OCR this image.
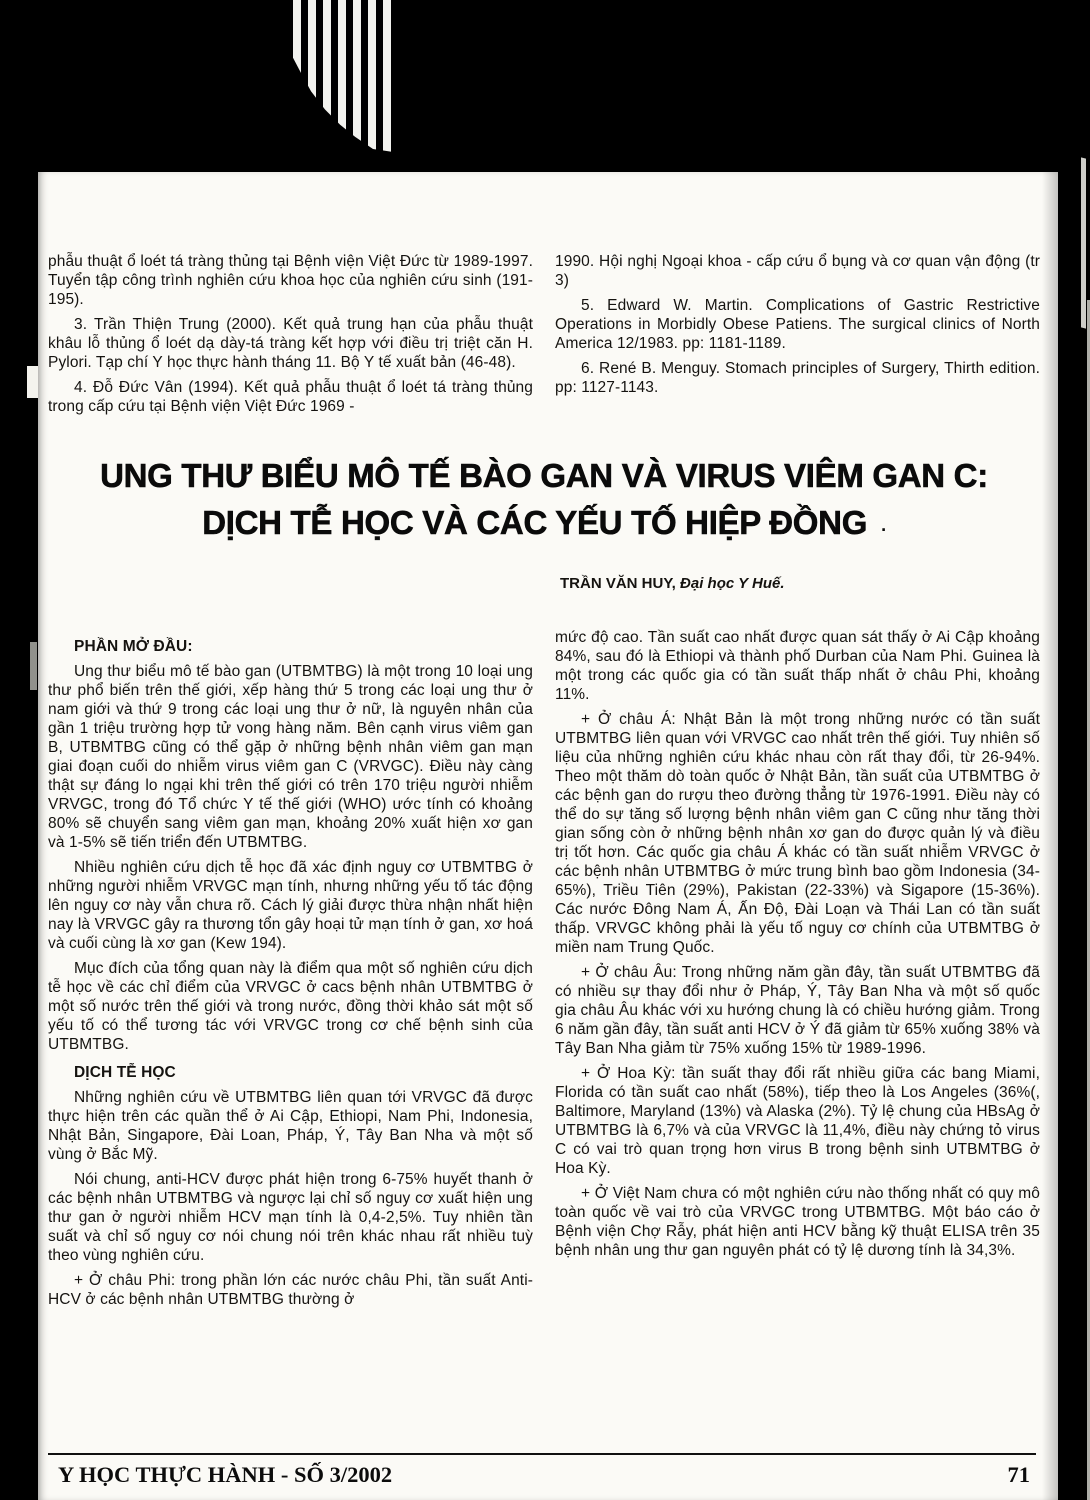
phẫu thuật ổ loét tá tràng thủng tại Bệnh viện Việt Đức từ 1989-1997. Tuyển tập công trình nghiên cứu khoa học của nghiên cứu sinh (191-195).

3. Trần Thiện Trung (2000). Kết quả trung hạn của phẫu thuật khâu lỗ thủng ổ loét dạ dày-tá tràng kết hợp với điều trị triệt căn H. Pylori. Tạp chí Y học thực hành tháng 11. Bộ Y tế xuất bản (46-48).

4. Đỗ Đức Vân (1994). Kết quả phẫu thuật ổ loét tá tràng thủng trong cấp cứu tại Bệnh viện Việt Đức 1969 -

1990. Hội nghị Ngoại khoa - cấp cứu ổ bụng và cơ quan vận động (tr 3)

5. Edward W. Martin. Complications of Gastric Restrictive Operations in Morbidly Obese Patiens. The surgical clinics of North America 12/1983. pp: 1181-1189.

6. René B. Menguy. Stomach principles of Surgery, Thirth edition. pp: 1127-1143.

UNG THƯ BIỂU MÔ TẾ BÀO GAN VÀ VIRUS VIÊM GAN C:
DỊCH TỄ HỌC VÀ CÁC YẾU TỐ HIỆP ĐỒNG .
TRẦN VĂN HUY, Đại học Y Huế.

PHẦN MỞ ĐẦU:

Ung thư biểu mô tế bào gan (UTBMTBG) là một trong 10 loại ung thư phổ biến trên thế giới, xếp hàng thứ 5 trong các loại ung thư ở nam giới và thứ 9 trong các loại ung thư ở nữ, là nguyên nhân của gần 1 triệu trường hợp tử vong hàng năm. Bên cạnh virus viêm gan B, UTBMTBG cũng có thể gặp ở những bệnh nhân viêm gan mạn giai đoạn cuối do nhiễm virus viêm gan C (VRVGC). Điều này càng thật sự đáng lo ngại khi trên thế giới có trên 170 triệu người nhiễm VRVGC, trong đó Tổ chức Y tế thế giới (WHO) ước tính có khoảng 80% sẽ chuyển sang viêm gan mạn, khoảng 20% xuất hiện xơ gan và 1-5% sẽ tiến triển đến UTBMTBG.

Nhiều nghiên cứu dịch tễ học đã xác định nguy cơ UTBMTBG ở những người nhiễm VRVGC mạn tính, nhưng những yếu tố tác động lên nguy cơ này vẫn chưa rõ. Cách lý giải được thừa nhận nhất hiện nay là VRVGC gây ra thương tổn gây hoại tử mạn tính ở gan, xơ hoá và cuối cùng là xơ gan (Kew 194).

Mục đích của tổng quan này là điểm qua một số nghiên cứu dịch tễ học về các chỉ điểm của VRVGC ở cacs bệnh nhân UTBMTBG ở một số nước trên thế giới và trong nước, đồng thời khảo sát một số yếu tố có thể tương tác với VRVGC trong cơ chế bệnh sinh của UTBMTBG.

DỊCH TỄ HỌC

Những nghiên cứu về UTBMTBG liên quan tới VRVGC đã được thực hiện trên các quần thể ở Ai Cập, Ethiopi, Nam Phi, Indonesia, Nhật Bản, Singapore, Đài Loan, Pháp, Ý, Tây Ban Nha và một số vùng ở Bắc Mỹ.

Nói chung, anti-HCV được phát hiện trong 6-75% huyết thanh ở các bệnh nhân UTBMTBG và ngược lại chỉ số nguy cơ xuất hiện ung thư gan ở người nhiễm HCV mạn tính là 0,4-2,5%. Tuy nhiên tần suất và chỉ số nguy cơ nói chung nói trên khác nhau rất nhiều tuỳ theo vùng nghiên cứu.

+ Ở châu Phi: trong phần lớn các nước châu Phi, tần suất Anti-HCV ở các bệnh nhân UTBMTBG thường ở

mức độ cao. Tần suất cao nhất được quan sát thấy ở Ai Cập khoảng 84%, sau đó là Ethiopi và thành phố Durban của Nam Phi. Guinea là một trong các quốc gia có tần suất thấp nhất ở châu Phi, khoảng 11%.

+ Ở châu Á: Nhật Bản là một trong những nước có tần suất UTBMTBG liên quan với VRVGC cao nhất trên thế giới. Tuy nhiên số liệu của những nghiên cứu khác nhau còn rất thay đổi, từ 26-94%. Theo một thăm dò toàn quốc ở Nhật Bản, tần suất của UTBMTBG ở các bệnh gan do rượu theo đường thẳng từ 1976-1991. Điều này có thể do sự tăng số lượng bệnh nhân viêm gan C cũng như tăng thời gian sống còn ở những bệnh nhân xơ gan do được quản lý và điều trị tốt hơn. Các quốc gia châu Á khác có tần suất nhiễm VRVGC ở các bệnh nhân UTBMTBG ở mức trung bình bao gồm Indonesia (34-65%), Triều Tiên (29%), Pakistan (22-33%) và Sigapore (15-36%). Các nước Đông Nam Á, Ấn Độ, Đài Loạn và Thái Lan có tần suất thấp. VRVGC không phải là yếu tố nguy cơ chính của UTBMTBG ở miền nam Trung Quốc.

+ Ở châu Âu: Trong những năm gần đây, tần suất UTBMTBG đã có nhiều sự thay đổi như ở Pháp, Ý, Tây Ban Nha và một số quốc gia châu Âu khác với xu hướng chung là có chiều hướng giảm. Trong 6 năm gần đây, tần suất anti HCV ở Ý đã giảm từ 65% xuống 38% và Tây Ban Nha giảm từ 75% xuống 15% từ 1989-1996.

+ Ở Hoa Kỳ: tần suất thay đổi rất nhiều giữa các bang Miami, Florida có tần suất cao nhất (58%), tiếp theo là Los Angeles (36%(, Baltimore, Maryland (13%) và Alaska (2%). Tỷ lệ chung của HBsAg ở UTBMTBG là 6,7% và của VRVGC là 11,4%, điều này chứng tỏ virus C có vai trò quan trọng hơn virus B trong bệnh sinh UTBMTBG ở Hoa Kỳ.

+ Ở Việt Nam chưa có một nghiên cứu nào thống nhất có quy mô toàn quốc về vai trò của VRVGC trong UTBMTBG. Một báo cáo ở Bệnh viện Chợ Rẫy, phát hiện anti HCV bằng kỹ thuật ELISA trên 35 bệnh nhân ung thư gan nguyên phát có tỷ lệ dương tính là 34,3%.

Y HỌC THỰC HÀNH - SỐ 3/2002	71
